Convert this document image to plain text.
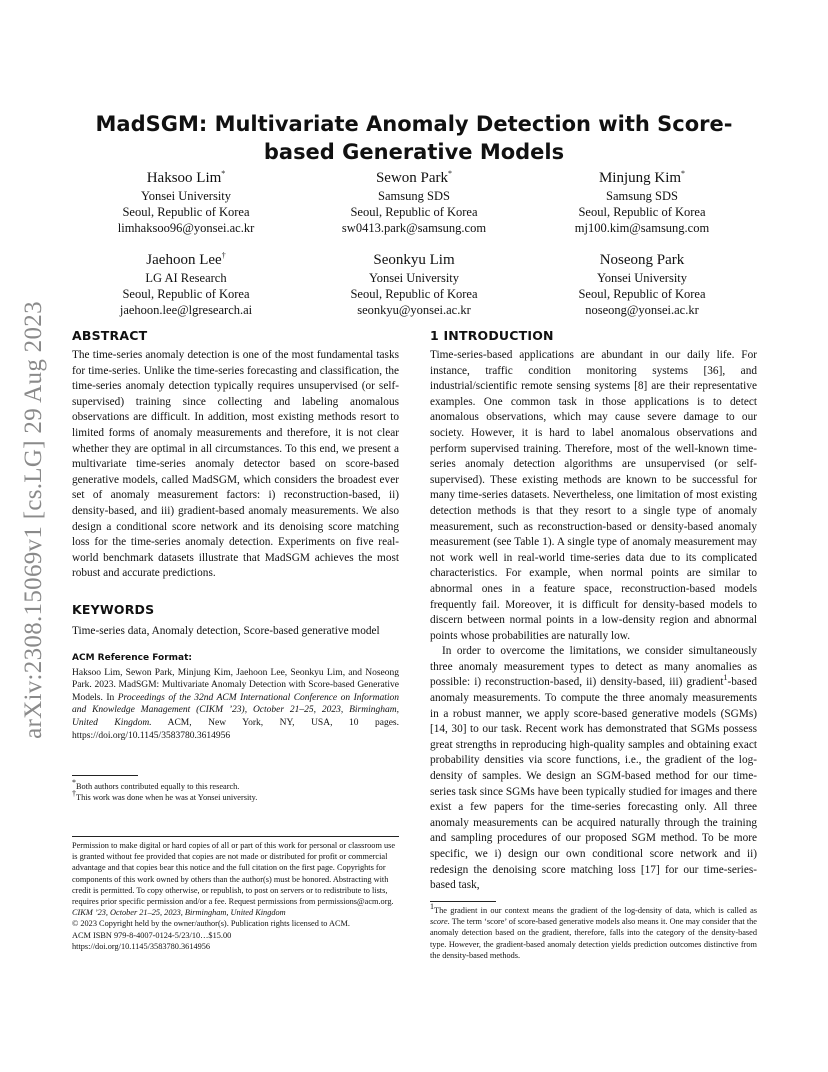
arXiv:2308.15069v1 [cs.LG] 29 Aug 2023
MadSGM: Multivariate Anomaly Detection with Score-based Generative Models
Haksoo Lim*
Yonsei University
Seoul, Republic of Korea
limhaksoo96@yonsei.ac.kr
Sewon Park*
Samsung SDS
Seoul, Republic of Korea
sw0413.park@samsung.com
Minjung Kim*
Samsung SDS
Seoul, Republic of Korea
mj100.kim@samsung.com
Jaehoon Lee†
LG AI Research
Seoul, Republic of Korea
jaehoon.lee@lgresearch.ai
Seonkyu Lim
Yonsei University
Seoul, Republic of Korea
seonkyu@yonsei.ac.kr
Noseong Park
Yonsei University
Seoul, Republic of Korea
noseong@yonsei.ac.kr
ABSTRACT

The time-series anomaly detection is one of the most fundamental tasks for time-series. Unlike the time-series forecasting and classification, the time-series anomaly detection typically requires unsupervised (or self-supervised) training since collecting and labeling anomalous observations are difficult. In addition, most existing methods resort to limited forms of anomaly measurements and therefore, it is not clear whether they are optimal in all circumstances. To this end, we present a multivariate time-series anomaly detector based on score-based generative models, called MadSGM, which considers the broadest ever set of anomaly measurement factors: i) reconstruction-based, ii) density-based, and iii) gradient-based anomaly measurements. We also design a conditional score network and its denoising score matching loss for the time-series anomaly detection. Experiments on five real-world benchmark datasets illustrate that MadSGM achieves the most robust and accurate predictions.

KEYWORDS

Time-series data, Anomaly detection, Score-based generative model

ACM Reference Format:

Haksoo Lim, Sewon Park, Minjung Kim, Jaehoon Lee, Seonkyu Lim, and Noseong Park. 2023. MadSGM: Multivariate Anomaly Detection with Score-based Generative Models. In Proceedings of the 32nd ACM International Conference on Information and Knowledge Management (CIKM ’23), October 21–25, 2023, Birmingham, United Kingdom. ACM, New York, NY, USA, 10 pages. https://doi.org/10.1145/3583780.3614956

*Both authors contributed equally to this research.

†This work was done when he was at Yonsei university.

Permission to make digital or hard copies of all or part of this work for personal or classroom use is granted without fee provided that copies are not made or distributed for profit or commercial advantage and that copies bear this notice and the full citation on the first page. Copyrights for components of this work owned by others than the author(s) must be honored. Abstracting with credit is permitted. To copy otherwise, or republish, to post on servers or to redistribute to lists, requires prior specific permission and/or a fee. Request permissions from permissions@acm.org.

CIKM ’23, October 21–25, 2023, Birmingham, United Kingdom

© 2023 Copyright held by the owner/author(s). Publication rights licensed to ACM.

ACM ISBN 979-8-4007-0124-5/23/10…$15.00

https://doi.org/10.1145/3583780.3614956

1 INTRODUCTION

Time-series-based applications are abundant in our daily life. For instance, traffic condition monitoring systems [36], and industrial/scientific remote sensing systems [8] are their representative examples. One common task in those applications is to detect anomalous observations, which may cause severe damage to our society. However, it is hard to label anomalous observations and perform supervised training. Therefore, most of the well-known time-series anomaly detection algorithms are unsupervised (or self-supervised). These existing methods are known to be successful for many time-series datasets. Nevertheless, one limitation of most existing detection methods is that they resort to a single type of anomaly measurement, such as reconstruction-based or density-based anomaly measurement (see Table 1). A single type of anomaly measurement may not work well in real-world time-series data due to its complicated characteristics. For example, when normal points are similar to abnormal ones in a feature space, reconstruction-based models frequently fail. Moreover, it is difficult for density-based models to discern between normal points in a low-density region and abnormal points whose probabilities are naturally low.

In order to overcome the limitations, we consider simultaneously three anomaly measurement types to detect as many anomalies as possible: i) reconstruction-based, ii) density-based, iii) gradient$^1$-based anomaly measurements. To compute the three anomaly measurements in a robust manner, we apply score-based generative models (SGMs) [14, 30] to our task. Recent work has demonstrated that SGMs possess great strengths in reproducing high-quality samples and obtaining exact probability densities via score functions, i.e., the gradient of the log-density of samples. We design an SGM-based method for our time-series task since SGMs have been typically studied for images and there exist a few papers for the time-series forecasting only. All three anomaly measurements can be acquired naturally through the training and sampling procedures of our proposed SGM method. To be more specific, we i) design our own conditional score network and ii) redesign the denoising score matching loss [17] for our time-series-based task,

$^1$The gradient in our context means the gradient of the log-density of data, which is called as score. The term ‘score’ of score-based generative models also means it. One may consider that the anomaly detection based on the gradient, therefore, falls into the category of the density-based type. However, the gradient-based anomaly detection yields prediction outcomes distinctive from the density-based methods.
